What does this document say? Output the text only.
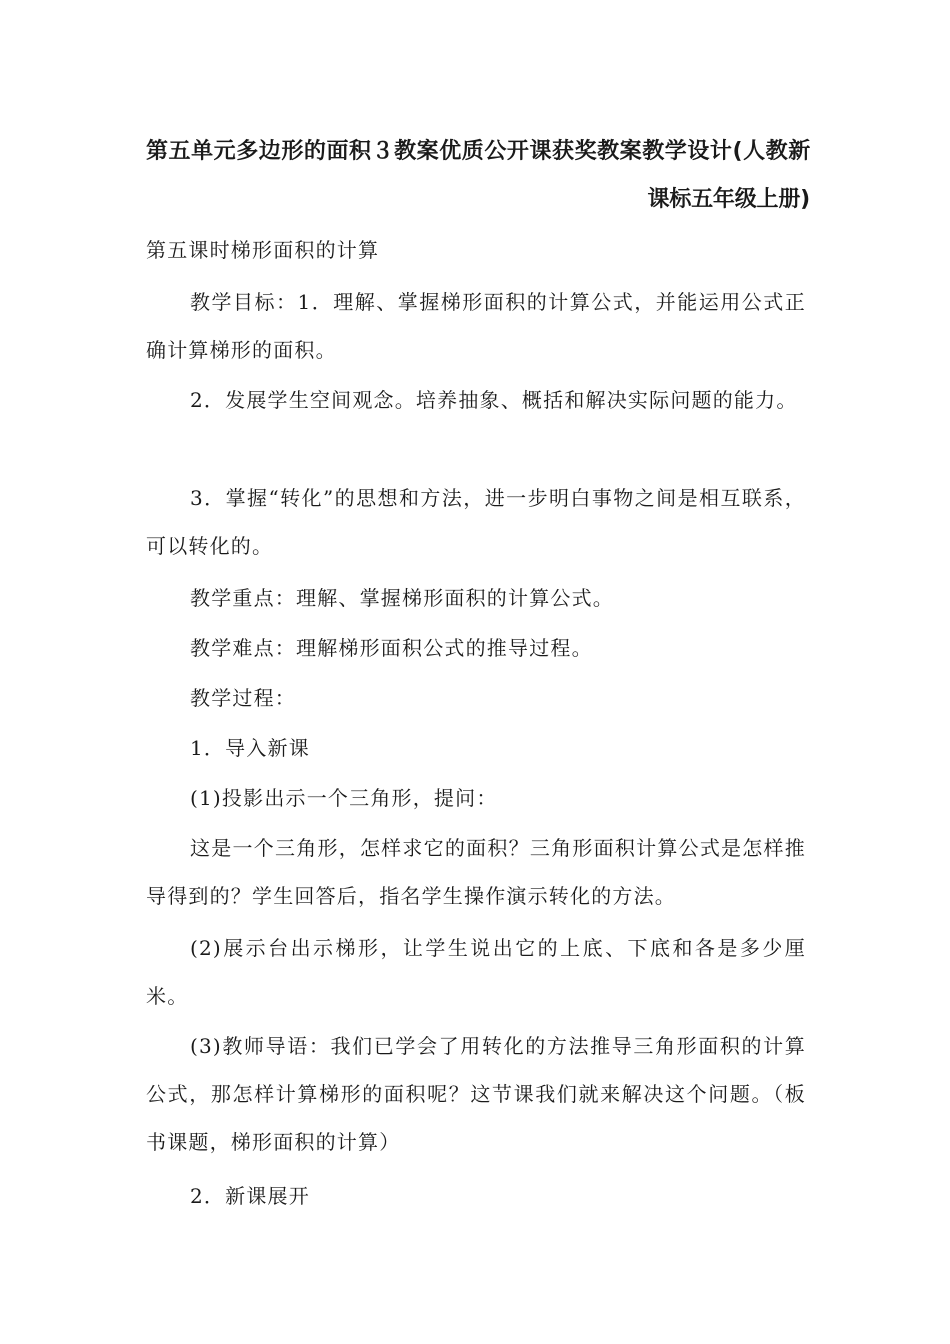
第五单元多边形的面积３教案优质公开课获奖教案教学设计(人教新
课标五年级上册)

第五课时梯形面积的计算

教学目标：1．理解、掌握梯形面积的计算公式，并能运用公式正确计算梯形的面积。

2．发展学生空间观念。培养抽象、概括和解决实际问题的能力。

3．掌握“转化”的思想和方法，进一步明白事物之间是相互联系，可以转化的。

教学重点：理解、掌握梯形面积的计算公式。

教学难点：理解梯形面积公式的推导过程。

教学过程：

1．导入新课

(1)投影出示一个三角形，提问：

这是一个三角形，怎样求它的面积？三角形面积计算公式是怎样推导得到的？学生回答后，指名学生操作演示转化的方法。

(2)展示台出示梯形，让学生说出它的上底、下底和各是多少厘米。

(3)教师导语：我们已学会了用转化的方法推导三角形面积的计算公式，那怎样计算梯形的面积呢？这节课我们就来解决这个问题。（板书课题，梯形面积的计算）

2．新课展开
